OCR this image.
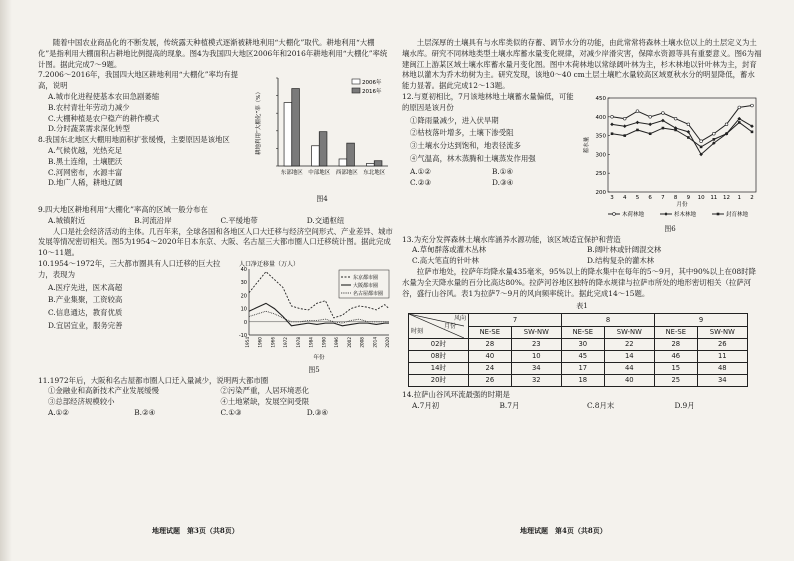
随着中国农业商品化的不断发展，传统露天种植模式逐渐被耕地利用“大棚化”取代。耕地利用“大棚化”是指利用大棚面积占耕地比例提高的现象。图4为我国四大地区2006年和2016年耕地利用“大棚化”率统计图。据此完成7～9题。

7.2006～2016年，我国四大地区耕地利用“大棚化”率均有提高，说明

A.城市化进程使基本农田急剧萎缩

B.农村青壮年劳动力减少

C.大棚种植是农户稳产的耕作模式

D.分时蔬菜需求深化转型

8.我国东北地区大棚用地面积扩张缓慢，主要原因是该地区

A.气候优越，光热充足

B.黑土连绵，土壤肥沃

C.河网密布，水源丰富

D.地广人稀，耕地辽阔

耕地利用“大棚化”率（%）
东部地区 中部地区 西部地区 东北地区
2006年
2016年
图4

9.四大地区耕地利用“大棚化”率高的区域一般分布在

A.城镇附近	B.河流沿岸	C.平缓地带	D.交通枢纽

人口是社会经济活动的主体。几百年来，全球各国和各地区人口大迁移与经济空间形式、产业差异、城市发展等情况密切相关。图5为1954～2020年日本东京、大阪、名古屋三大都市圈人口迁移统计图。据此完成10～11题。

10.1954～1972年，三大都市圈具有人口迁移的巨大拉力，表现为

A.医疗先进，医术高超

B.产业集聚，工资较高

C.信息通达，教育优质

D.宜居宜业，服务完善

人口净迁移量（万人）
40
30
20
10
0
-10
1954 1960 1966 1972 1978 1984 1990 1996 2002 2008 2014 2020
年份
东京都市圈
大阪都市圈
名古屋都市圈
图5

11.1972年后，大阪和名古屋都市圈人口迁入量减少，说明两大都市圈

①金融业和高新技术产业发展缓慢	②污染严重，人居环境恶化
③总部经济规模较小	④土地紧缺，发展空间受限
A.①②	B.②④	C.①③	D.③④
地理试题　第3页（共8页）

土层深厚的土壤具有与水库类似的存蓄、调节水分的功能，由此常常将森林土壤水位以上的土层定义为土壤水库。研究不同林地类型土壤水库蓄水量变化规律，对减少岸滑灾害，保障水资源等具有重要意义。图6为福建闽江上游某区域土壤水库蓄水量月变化图。图中木荷林地以常绿阔叶林为主，杉木林地以针叶林为主，封育林地以灌木为乔木幼树为主。研究发现，该地0～40 cm土层土壤贮水量较高区域夏秋水分的明显降低，蓄水能力显著。据此完成12～13题。

12.与夏初相比，7月该地林地土壤蓄水量偏低，可能的原因是该月份

①降雨量减少，进入伏旱期

②枯枝落叶增多，土壤下渗受阻

③土壤水分达到饱和，地表径流多

④气温高，林木蒸腾和土壤蒸发作用强

A.①②	B.①④
C.②③	D.③④
450
400
350
300
250
200
蓄水量
3 4 5 6 7 8 9 10 11 12 1 2
月份
木荷林地	杉木林地	封育林地
图6

13.为充分发挥森林土壤水库涵养水源功能，该区域适宜保护和营造

A.草甸群落或灌木丛林	B.阔叶林或针阔混交林
C.高大笔直的针叶林	D.结构复杂的灌木林

拉萨市地处，拉萨年均降水量435毫米，95%以上的降水集中在每年的5～9月，其中90%以上在08时降水量为全天降水量的百分比高达80%。拉萨河谷地区独特的降水规律与拉萨市所处的地形密切相关（拉萨河谷，盛行山谷风。表1为拉萨7～9月的风向频率统计。据此完成14～15题。

表1
风向
月份
时刻	7		8		9	
	NE-SE	SW-NW	NE-SE	SW-NW	NE-SE	SW-NW
02时	28	23	30	22	28	26
08时	40	10	45	14	46	11
14时	24	34	17	44	15	48
20时	26	32	18	40	25	34

14.拉萨山谷风环流最强的时期是

A.7月初	B.7月	C.8月末	D.9月
地理试题　第4页（共8页）
